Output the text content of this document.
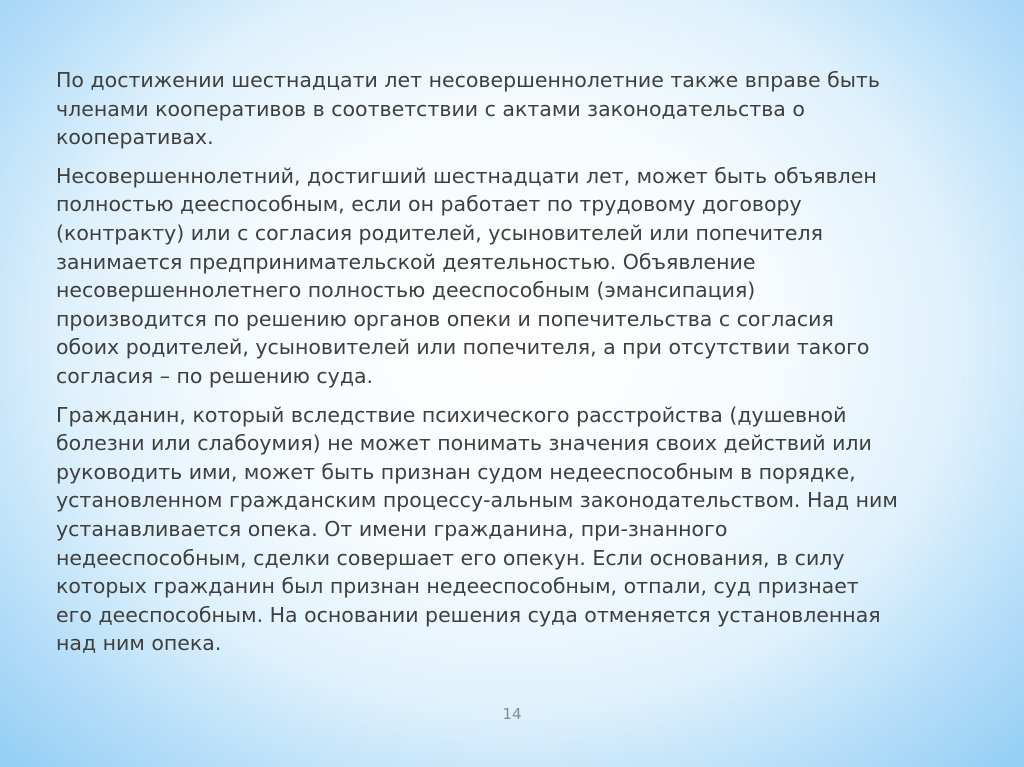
По достижении шестнадцати лет несовершеннолетние также вправе быть
членами кооперативов в соответствии с актами законодательства о
кооперативах.

Несовершеннолетний, достигший шестнадцати лет, может быть объявлен
полностью дееспособным, если он работает по трудовому договору
(контракту) или с согласия родителей, усыновителей или попечителя
занимается предпринимательской деятельностью. Объявление
несовершеннолетнего полностью дееспособным (эмансипация)
производится по решению органов опеки и попечительства с согласия
обоих родителей, усыновителей или попечителя, а при отсутствии такого
согласия – по решению суда.

Гражданин, который вследствие психического расстройства (душевной
болезни или слабоумия) не может понимать значения своих действий или
руководить ими, может быть признан судом недееспособным в порядке,
установленном гражданским процессу-альным законодательством. Над ним
устанавливается опека. От имени гражданина, при-знанного
недееспособным, сделки совершает его опекун. Если основания, в силу
которых гражданин был признан недееспособным, отпали, суд признает
его дееспособным. На основании решения суда отменяется установленная
над ним опека.

14
